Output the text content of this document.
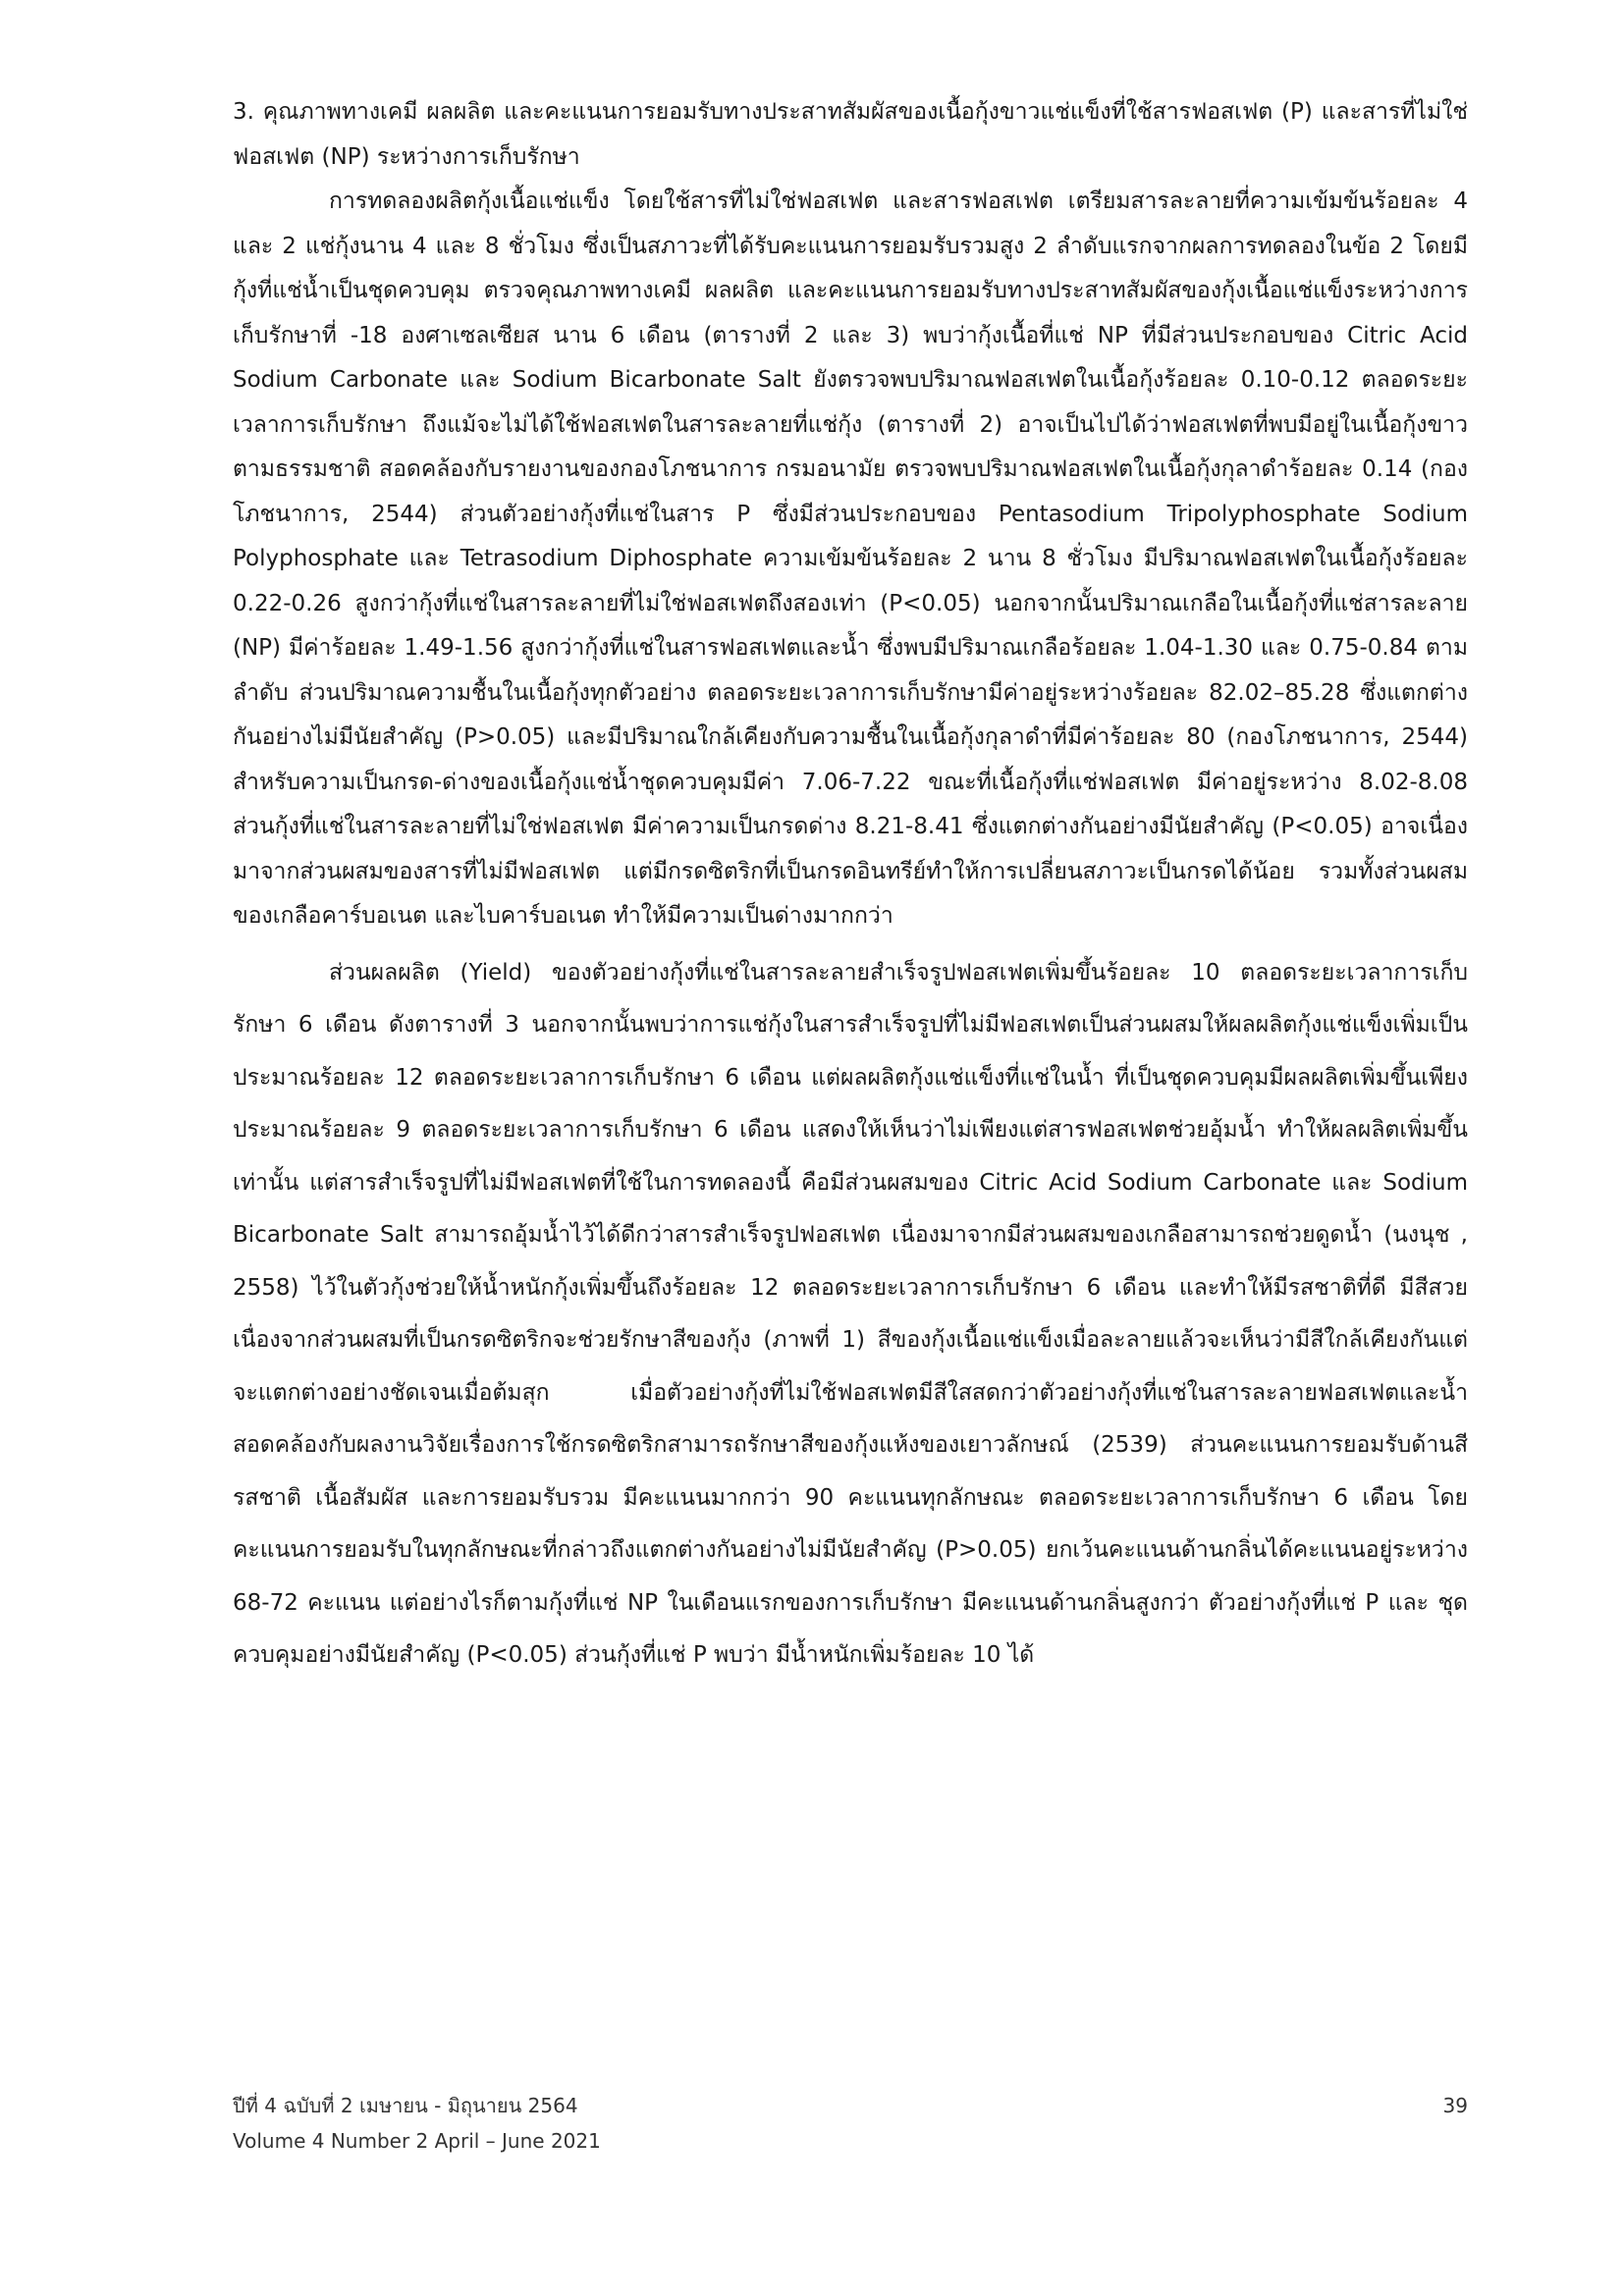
3. คุณภาพทางเคมี ผลผลิต และคะแนนการยอมรับทางประสาทสัมผัสของเนื้อกุ้งขาวแช่แข็งที่ใช้สารฟอสเฟต (P) และสารที่ไม่ใช่ฟอสเฟต (NP) ระหว่างการเก็บรักษา

การทดลองผลิตกุ้งเนื้อแช่แข็ง โดยใช้สารที่ไม่ใช่ฟอสเฟต และสารฟอสเฟต เตรียมสารละลายที่ความเข้มข้นร้อยละ 4 และ 2 แช่กุ้งนาน 4 และ 8 ชั่วโมง ซึ่งเป็นสภาวะที่ได้รับคะแนนการยอมรับรวมสูง 2 ลำดับแรกจากผลการทดลองในข้อ 2 โดยมีกุ้งที่แช่น้ำเป็นชุดควบคุม ตรวจคุณภาพทางเคมี ผลผลิต และคะแนนการยอมรับทางประสาทสัมผัสของกุ้งเนื้อแช่แข็งระหว่างการเก็บรักษาที่ -18 องศาเซลเซียส นาน 6 เดือน (ตารางที่ 2 และ 3) พบว่ากุ้งเนื้อที่แช่ NP ที่มีส่วนประกอบของ Citric Acid Sodium Carbonate และ Sodium Bicarbonate Salt ยังตรวจพบปริมาณฟอสเฟตในเนื้อกุ้งร้อยละ 0.10-0.12 ตลอดระยะเวลาการเก็บรักษา ถึงแม้จะไม่ได้ใช้ฟอสเฟตในสารละลายที่แช่กุ้ง (ตารางที่ 2) อาจเป็นไปได้ว่าฟอสเฟตที่พบมีอยู่ในเนื้อกุ้งขาวตามธรรมชาติ สอดคล้องกับรายงานของกองโภชนาการ กรมอนามัย ตรวจพบปริมาณฟอสเฟตในเนื้อกุ้งกุลาดำร้อยละ 0.14 (กองโภชนาการ, 2544) ส่วนตัวอย่างกุ้งที่แช่ในสาร P ซึ่งมีส่วนประกอบของ Pentasodium Tripolyphosphate Sodium Polyphosphate และ Tetrasodium Diphosphate ความเข้มข้นร้อยละ 2 นาน 8 ชั่วโมง มีปริมาณฟอสเฟตในเนื้อกุ้งร้อยละ 0.22-0.26 สูงกว่ากุ้งที่แช่ในสารละลายที่ไม่ใช่ฟอสเฟตถึงสองเท่า (P<0.05) นอกจากนั้นปริมาณเกลือในเนื้อกุ้งที่แช่สารละลาย (NP) มีค่าร้อยละ 1.49-1.56 สูงกว่ากุ้งที่แช่ในสารฟอสเฟตและน้ำ ซึ่งพบมีปริมาณเกลือร้อยละ 1.04-1.30 และ 0.75-0.84 ตามลำดับ ส่วนปริมาณความชื้นในเนื้อกุ้งทุกตัวอย่าง ตลอดระยะเวลาการเก็บรักษามีค่าอยู่ระหว่างร้อยละ 82.02–85.28 ซึ่งแตกต่างกันอย่างไม่มีนัยสำคัญ (P>0.05) และมีปริมาณใกล้เคียงกับความชื้นในเนื้อกุ้งกุลาดำที่มีค่าร้อยละ 80 (กองโภชนาการ, 2544) สำหรับความเป็นกรด-ด่างของเนื้อกุ้งแช่น้ำชุดควบคุมมีค่า 7.06-7.22 ขณะที่เนื้อกุ้งที่แช่ฟอสเฟต มีค่าอยู่ระหว่าง 8.02-8.08 ส่วนกุ้งที่แช่ในสารละลายที่ไม่ใช่ฟอสเฟต มีค่าความเป็นกรดด่าง 8.21-8.41 ซึ่งแตกต่างกันอย่างมีนัยสำคัญ (P<0.05) อาจเนื่องมาจากส่วนผสมของสารที่ไม่มีฟอสเฟต แต่มีกรดซิตริกที่เป็นกรดอินทรีย์ทำให้การเปลี่ยนสภาวะเป็นกรดได้น้อย รวมทั้งส่วนผสมของเกลือคาร์บอเนต และไบคาร์บอเนต ทำให้มีความเป็นด่างมากกว่า

ส่วนผลผลิต (Yield) ของตัวอย่างกุ้งที่แช่ในสารละลายสำเร็จรูปฟอสเฟตเพิ่มขึ้นร้อยละ 10 ตลอดระยะเวลาการเก็บรักษา 6 เดือน ดังตารางที่ 3 นอกจากนั้นพบว่าการแช่กุ้งในสารสำเร็จรูปที่ไม่มีฟอสเฟตเป็นส่วนผสมให้ผลผลิตกุ้งแช่แข็งเพิ่มเป็นประมาณร้อยละ 12 ตลอดระยะเวลาการเก็บรักษา 6 เดือน แต่ผลผลิตกุ้งแช่แข็งที่แช่ในน้ำ ที่เป็นชุดควบคุมมีผลผลิตเพิ่มขึ้นเพียง ประมาณร้อยละ 9 ตลอดระยะเวลาการเก็บรักษา 6 เดือน แสดงให้เห็นว่าไม่เพียงแต่สารฟอสเฟตช่วยอุ้มน้ำ ทำให้ผลผลิตเพิ่มขึ้นเท่านั้น แต่สารสำเร็จรูปที่ไม่มีฟอสเฟตที่ใช้ในการทดลองนี้ คือมีส่วนผสมของ Citric Acid Sodium Carbonate และ Sodium Bicarbonate Salt สามารถอุ้มน้ำไว้ได้ดีกว่าสารสำเร็จรูปฟอสเฟต เนื่องมาจากมีส่วนผสมของเกลือสามารถช่วยดูดน้ำ (นงนุช , 2558) ไว้ในตัวกุ้งช่วยให้น้ำหนักกุ้งเพิ่มขึ้นถึงร้อยละ 12 ตลอดระยะเวลาการเก็บรักษา 6 เดือน และทำให้มีรสชาติที่ดี มีสีสวย เนื่องจากส่วนผสมที่เป็นกรดซิตริกจะช่วยรักษาสีของกุ้ง (ภาพที่ 1) สีของกุ้งเนื้อแช่แข็งเมื่อละลายแล้วจะเห็นว่ามีสีใกล้เคียงกันแต่จะแตกต่างอย่างชัดเจนเมื่อต้มสุก เมื่อตัวอย่างกุ้งที่ไม่ใช้ฟอสเฟตมีสีใสสดกว่าตัวอย่างกุ้งที่แช่ในสารละลายฟอสเฟตและน้ำ สอดคล้องกับผลงานวิจัยเรื่องการใช้กรดซิตริกสามารถรักษาสีของกุ้งแห้งของเยาวลักษณ์ (2539) ส่วนคะแนนการยอมรับด้านสี รสชาติ เนื้อสัมผัส และการยอมรับรวม มีคะแนนมากกว่า 90 คะแนนทุกลักษณะ ตลอดระยะเวลาการเก็บรักษา 6 เดือน โดยคะแนนการยอมรับในทุกลักษณะที่กล่าวถึงแตกต่างกันอย่างไม่มีนัยสำคัญ (P>0.05) ยกเว้นคะแนนด้านกลิ่นได้คะแนนอยู่ระหว่าง 68-72 คะแนน แต่อย่างไรก็ตามกุ้งที่แช่ NP ในเดือนแรกของการเก็บรักษา มีคะแนนด้านกลิ่นสูงกว่า ตัวอย่างกุ้งที่แช่ P และ ชุดควบคุมอย่างมีนัยสำคัญ (P<0.05) ส่วนกุ้งที่แช่ P พบว่า มีน้ำหนักเพิ่มร้อยละ 10 ได้

ปีที่ 4 ฉบับที่ 2 เมษายน - มิถุนายน 2564
Volume 4 Number 2 April – June 2021
39
